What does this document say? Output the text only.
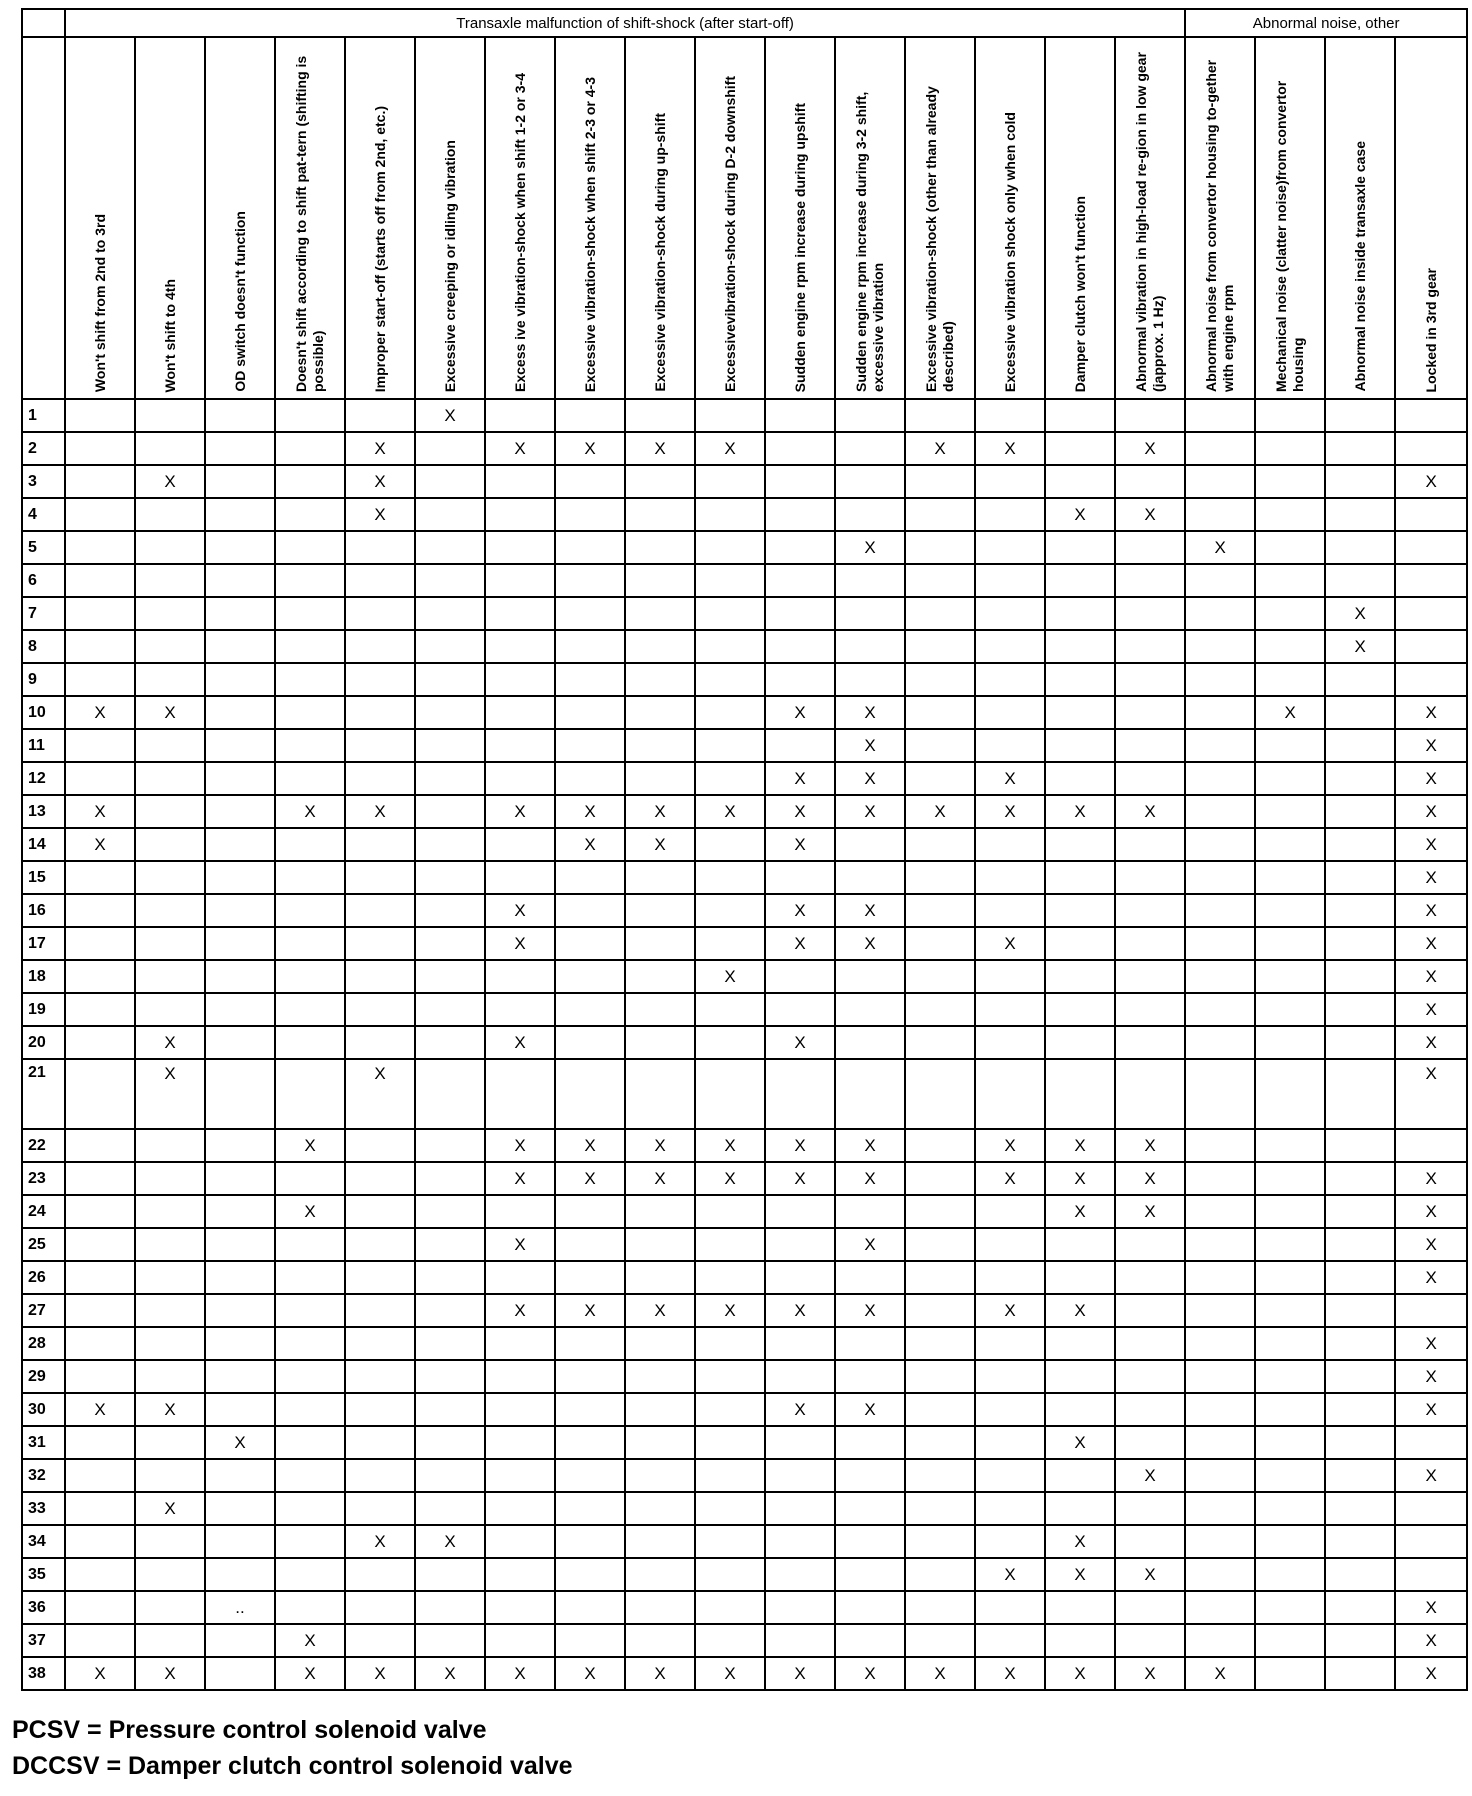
	Transaxle malfunction of shift-shock (after start-off)																Abnormal noise, other			

	Won't shift from 2nd to 3rd	Won't shift to 4th	OD switch doesn't function	Doesn't shift according to shift pat-tern (shifting is possible)	Improper start-off (starts off from 2nd, etc.)	Excessive creeping or idling vibration	Excess ive vibration-shock when shift 1-2 or 3-4	Excessive vibration-shock when shift 2-3 or 4-3	Excessive vibration-shock during up-shift	Excessivevibration-shock during D-2 downshift	Sudden engine rpm increase during upshift	Sudden engine rpm increase during 3-2 shift, excessive vibration	Excessive vibration-shock (other than already described)	Excessive vibration shock only when cold	Damper clutch won't function	Abnormal vibration in high-load re-gion in low gear (japprox. 1 Hz)	Abnormal noise from convertor housing to-gether with engine rpm	Mechanical noise (clatter noise)from convertor housing	Abnormal noise inside transaxle case	Locked in 3rd gear

1						X														
2					X		X	X	X	X			X	X		X				
3		X			X															X
4					X										X	X				
5												X					X			
6																				
7																			X	
8																			X	
9																				
10	X	X									X	X						X		X
11												X								X
12											X	X		X						X
13	X			X	X		X	X	X	X	X	X	X	X	X	X				X
14	X							X	X		X									X
15																				X
16							X				X	X								X
17							X				X	X		X						X
18										X										X
19																				X
20		X					X				X									X
21		X			X															X
22				X			X	X	X	X	X	X		X	X	X				
23							X	X	X	X	X	X		X	X	X				X
24				X											X	X				X
25							X					X								X
26																				X
27							X	X	X	X	X	X		X	X					
28																				X
29																				X
30	X	X									X	X								X
31			X												X					
32																X				X
33		X																		
34					X	X									X					
35														X	X	X				
36			..																	X
37				X																X
38	X	X		X	X	X	X	X	X	X	X	X	X	X	X	X	X			X
PCSV = Pressure control solenoid valve
DCCSV = Damper clutch control solenoid valve
